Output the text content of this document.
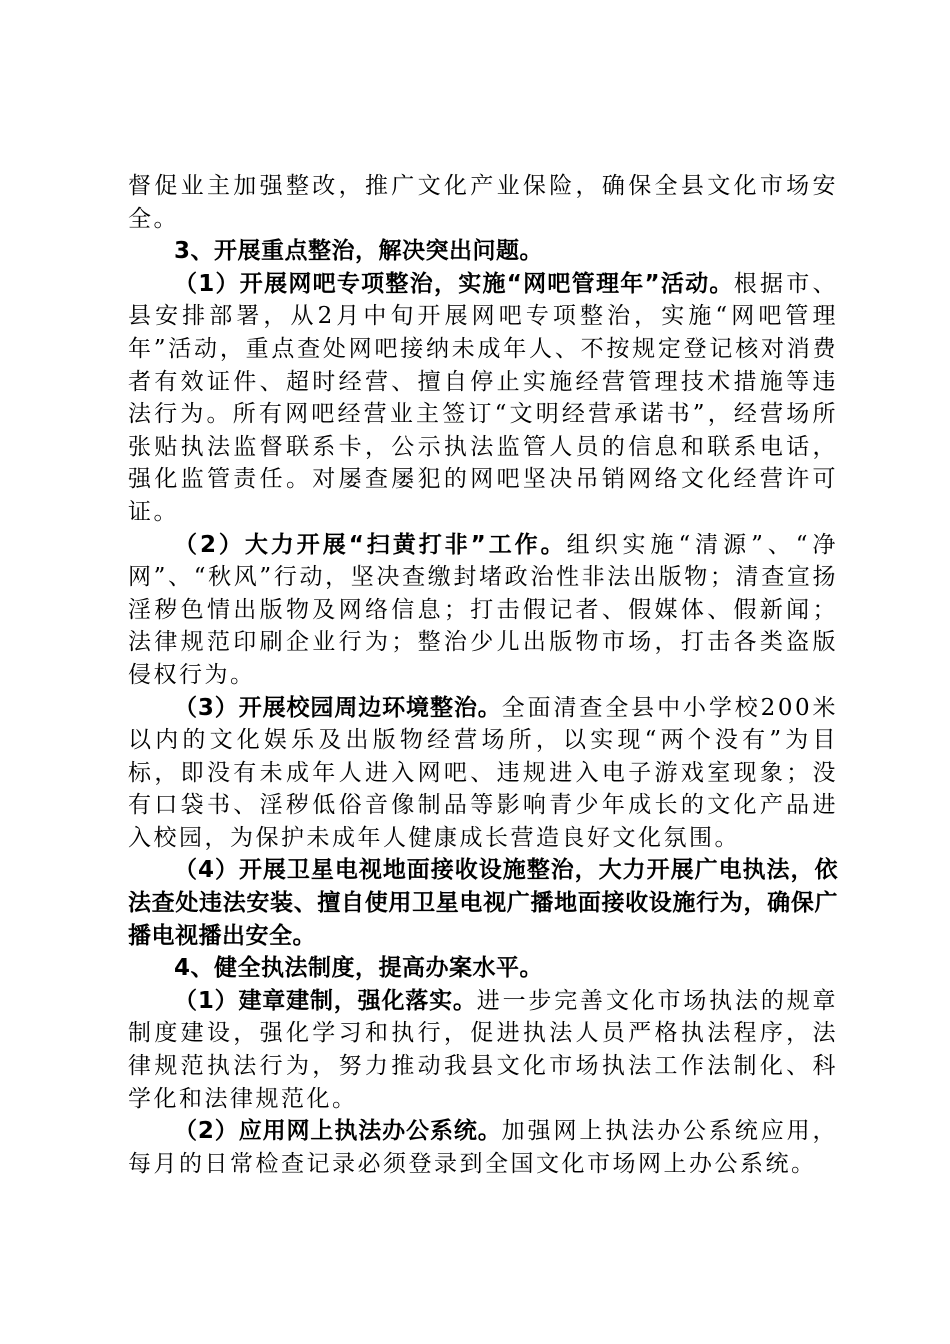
督促业主加强整改，推广文化产业保险，确保全县文化市场安全。

3、开展重点整治，解决突出问题。

（1）开展网吧专项整治，实施“网吧管理年”活动。根据市、县安排部署，从2月中旬开展网吧专项整治，实施“网吧管理年”活动，重点查处网吧接纳未成年人、不按规定登记核对消费者有效证件、超时经营、擅自停止实施经营管理技术措施等违法行为。所有网吧经营业主签订“文明经营承诺书”，经营场所张贴执法监督联系卡，公示执法监管人员的信息和联系电话，强化监管责任。对屡查屡犯的网吧坚决吊销网络文化经营许可证。

（2）大力开展“扫黄打非”工作。组织实施“清源”、“净网”、“秋风”行动，坚决查缴封堵政治性非法出版物；清查宣扬淫秽色情出版物及网络信息；打击假记者、假媒体、假新闻；法律规范印刷企业行为；整治少儿出版物市场，打击各类盗版侵权行为。

（3）开展校园周边环境整治。全面清查全县中小学校200米以内的文化娱乐及出版物经营场所，以实现“两个没有”为目标，即没有未成年人进入网吧、违规进入电子游戏室现象；没有口袋书、淫秽低俗音像制品等影响青少年成长的文化产品进入校园，为保护未成年人健康成长营造良好文化氛围。

（4）开展卫星电视地面接收设施整治，大力开展广电执法，依法查处违法安装、擅自使用卫星电视广播地面接收设施行为，确保广播电视播出安全。

4、健全执法制度，提高办案水平。

（1）建章建制，强化落实。进一步完善文化市场执法的规章制度建设，强化学习和执行，促进执法人员严格执法程序，法律规范执法行为，努力推动我县文化市场执法工作法制化、科学化和法律规范化。

（2）应用网上执法办公系统。加强网上执法办公系统应用，每月的日常检查记录必须登录到全国文化市场网上办公系统。
